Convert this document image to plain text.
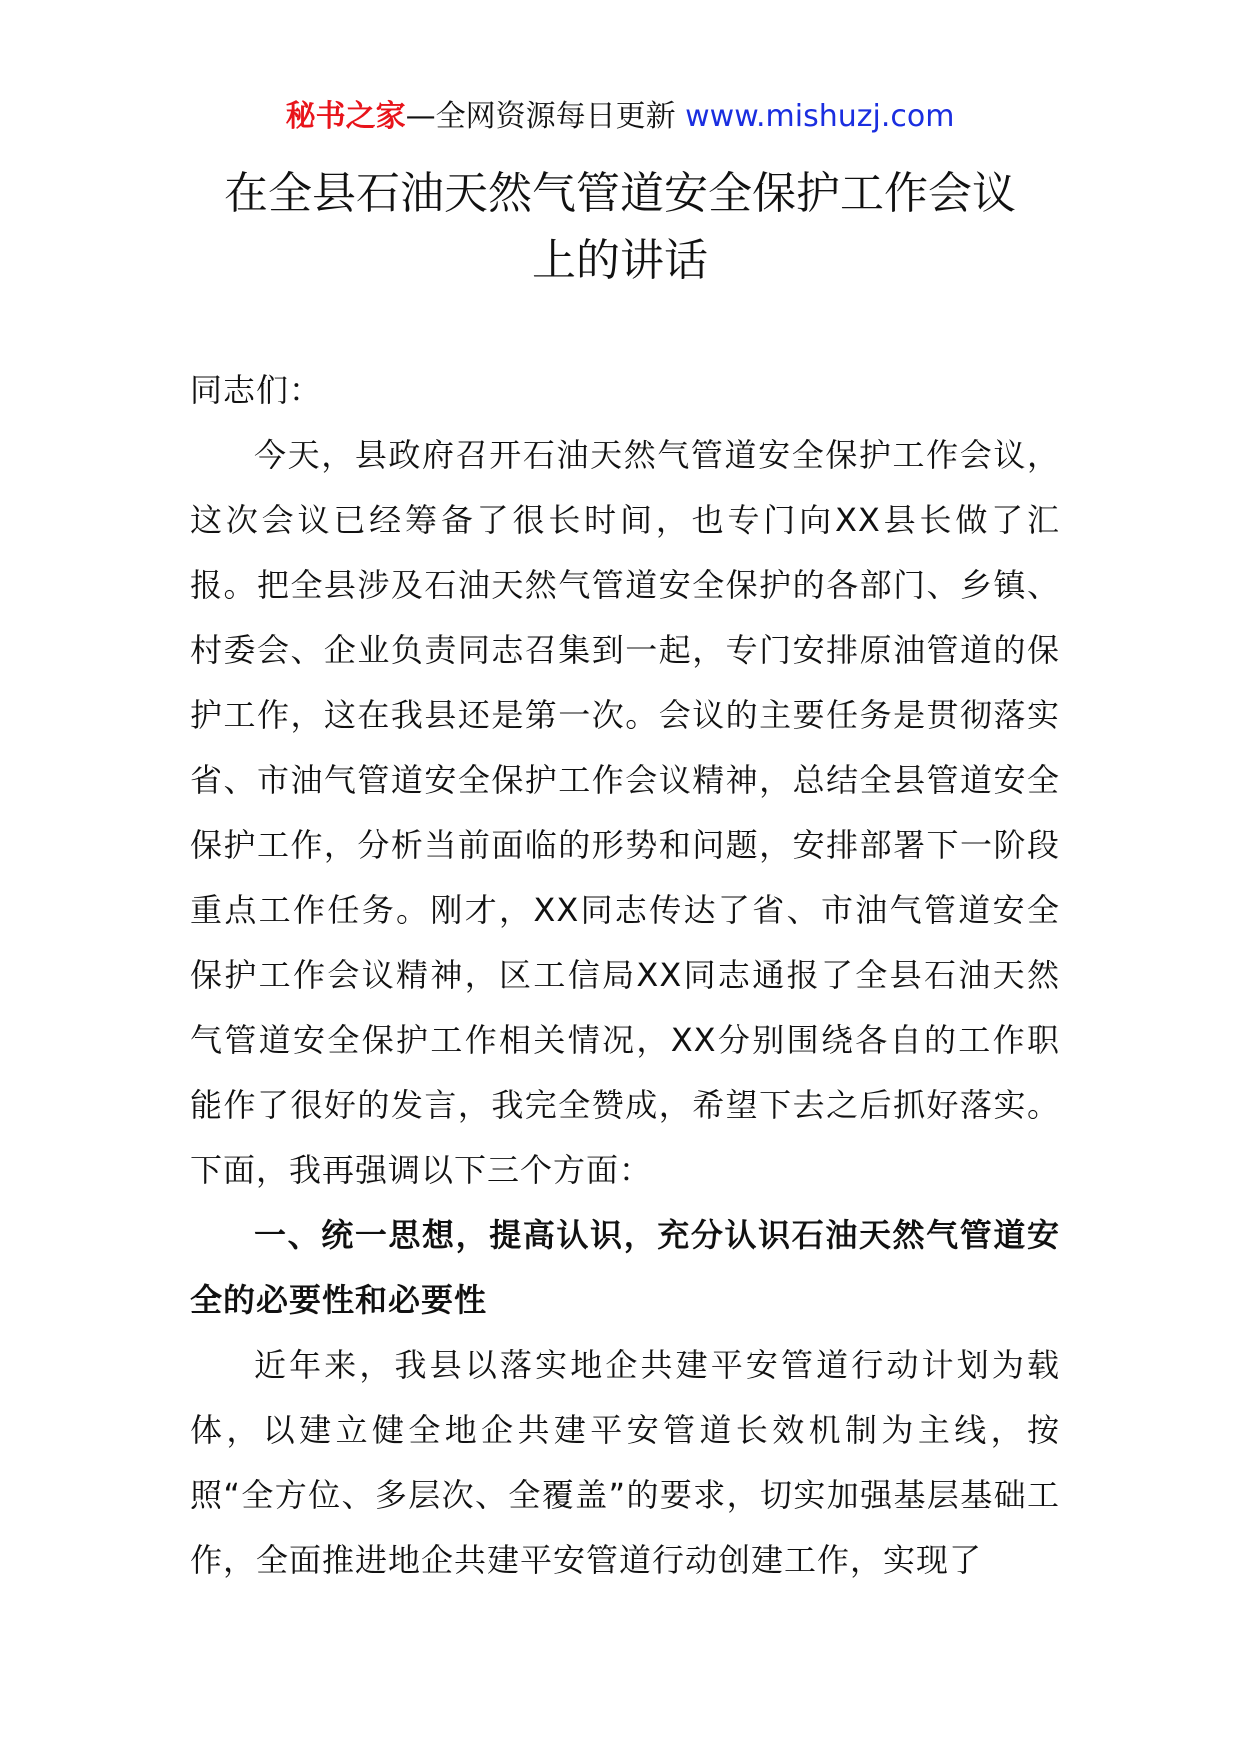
秘书之家—全网资源每日更新 www.mishuzj.com
在全县石油天然气管道安全保护工作会议
上的讲话

同志们：

今天，县政府召开石油天然气管道安全保护工作会议，这次会议已经筹备了很长时间，也专门向XX县长做了汇报。把全县涉及石油天然气管道安全保护的各部门、乡镇、村委会、企业负责同志召集到一起，专门安排原油管道的保护工作，这在我县还是第一次。会议的主要任务是贯彻落实省、市油气管道安全保护工作会议精神，总结全县管道安全保护工作，分析当前面临的形势和问题，安排部署下一阶段重点工作任务。刚才，XX同志传达了省、市油气管道安全保护工作会议精神，区工信局XX同志通报了全县石油天然气管道安全保护工作相关情况，XX分别围绕各自的工作职能作了很好的发言，我完全赞成，希望下去之后抓好落实。下面，我再强调以下三个方面：

一、统一思想，提高认识，充分认识石油天然气管道安全的必要性和必要性

近年来，我县以落实地企共建平安管道行动计划为载体，以建立健全地企共建平安管道长效机制为主线，按照“全方位、多层次、全覆盖”的要求，切实加强基层基础工作，全面推进地企共建平安管道行动创建工作，实现了
